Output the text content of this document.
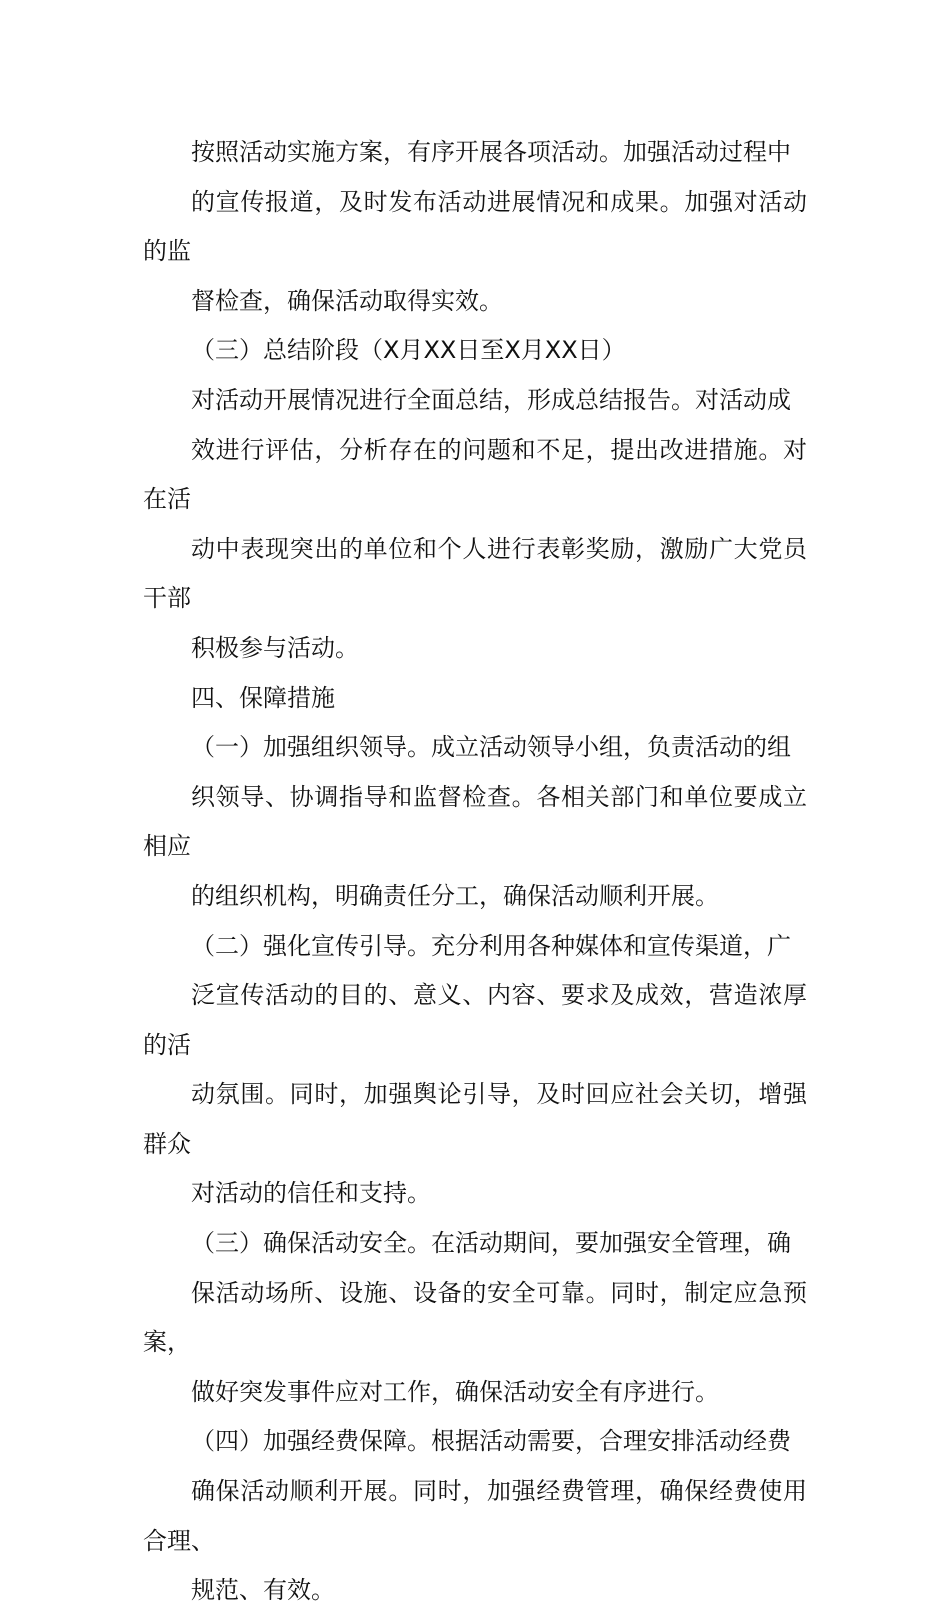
按照活动实施方案，有序开展各项活动。加强活动过程中
的宣传报道，及时发布活动进展情况和成果。加强对活动的监
督检查，确保活动取得实效。

（三）总结阶段（X月XX日至X月XX日）

对活动开展情况进行全面总结，形成总结报告。对活动成
效进行评估，分析存在的问题和不足，提出改进措施。对在活
动中表现突出的单位和个人进行表彰奖励，激励广大党员干部
积极参与活动。

四、保障措施

（一）加强组织领导。成立活动领导小组，负责活动的组
织领导、协调指导和监督检查。各相关部门和单位要成立相应
的组织机构，明确责任分工，确保活动顺利开展。

（二）强化宣传引导。充分利用各种媒体和宣传渠道，广
泛宣传活动的目的、意义、内容、要求及成效，营造浓厚的活
动氛围。同时，加强舆论引导，及时回应社会关切，增强群众
对活动的信任和支持。

（三）确保活动安全。在活动期间，要加强安全管理，确
保活动场所、设施、设备的安全可靠。同时，制定应急预案，
做好突发事件应对工作，确保活动安全有序进行。

（四）加强经费保障。根据活动需要，合理安排活动经费
确保活动顺利开展。同时，加强经费管理，确保经费使用合理、
规范、有效。
